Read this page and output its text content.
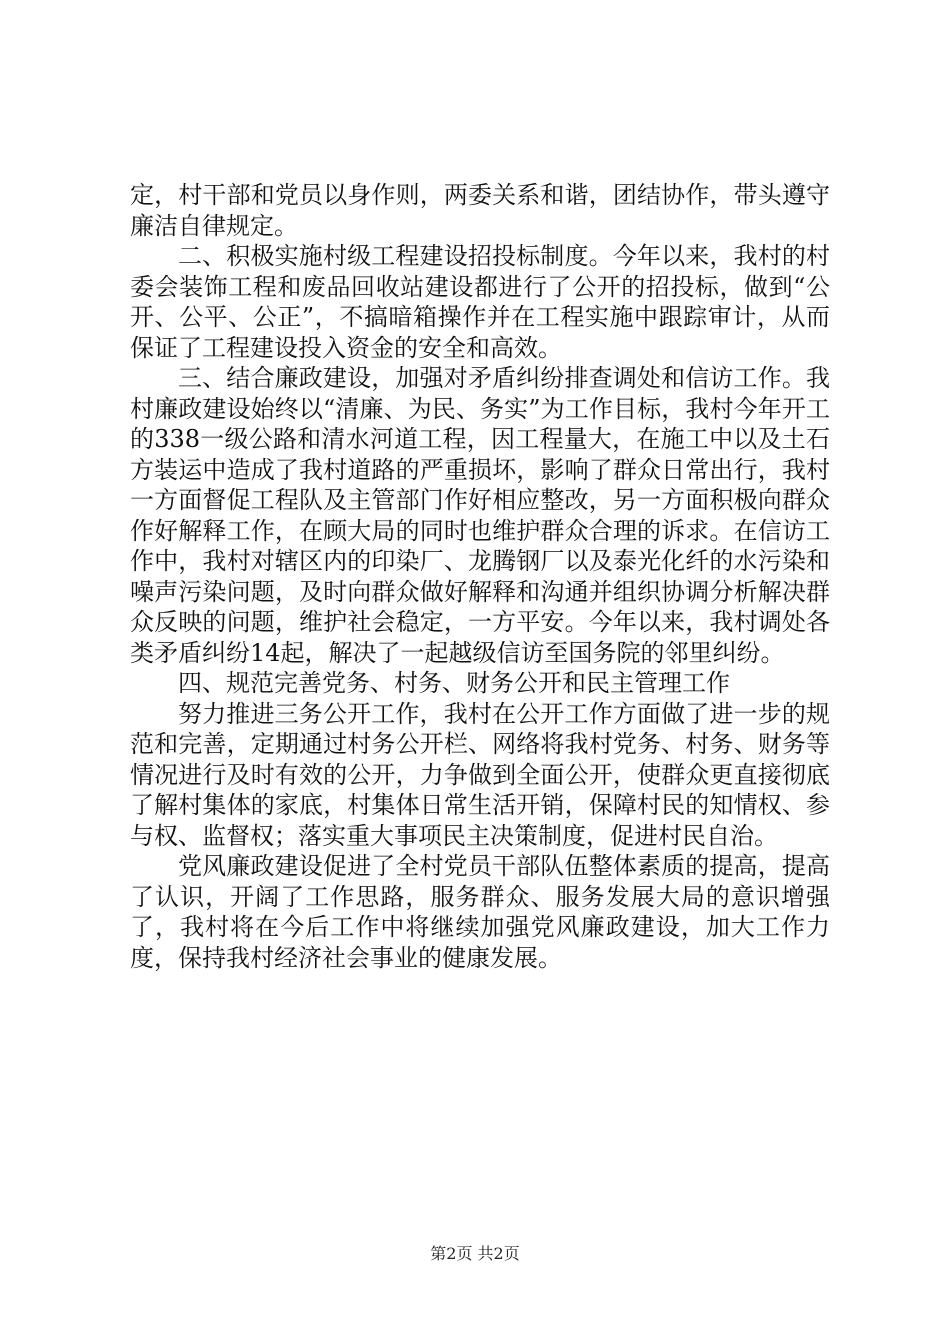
定，村干部和党员以身作则，两委关系和谐，团结协作，带头遵守廉洁自律规定。

二、积极实施村级工程建设招投标制度。今年以来，我村的村委会装饰工程和废品回收站建设都进行了公开的招投标，做到“公开、公平、公正”，不搞暗箱操作并在工程实施中跟踪审计，从而保证了工程建设投入资金的安全和高效。

三、结合廉政建设，加强对矛盾纠纷排查调处和信访工作。我村廉政建设始终以“清廉、为民、务实”为工作目标，我村今年开工的338一级公路和清水河道工程，因工程量大，在施工中以及土石方装运中造成了我村道路的严重损坏，影响了群众日常出行，我村一方面督促工程队及主管部门作好相应整改，另一方面积极向群众作好解释工作，在顾大局的同时也维护群众合理的诉求。在信访工作中，我村对辖区内的印染厂、龙腾钢厂以及泰光化纤的水污染和噪声污染问题，及时向群众做好解释和沟通并组织协调分析解决群众反映的问题，维护社会稳定，一方平安。今年以来，我村调处各类矛盾纠纷14起，解决了一起越级信访至国务院的邻里纠纷。

四、规范完善党务、村务、财务公开和民主管理工作

努力推进三务公开工作，我村在公开工作方面做了进一步的规范和完善，定期通过村务公开栏、网络将我村党务、村务、财务等情况进行及时有效的公开，力争做到全面公开，使群众更直接彻底了解村集体的家底，村集体日常生活开销，保障村民的知情权、参与权、监督权；落实重大事项民主决策制度，促进村民自治。

党风廉政建设促进了全村党员干部队伍整体素质的提高，提高了认识，开阔了工作思路，服务群众、服务发展大局的意识增强了，我村将在今后工作中将继续加强党风廉政建设，加大工作力度，保持我村经济社会事业的健康发展。

第2页 共2页
